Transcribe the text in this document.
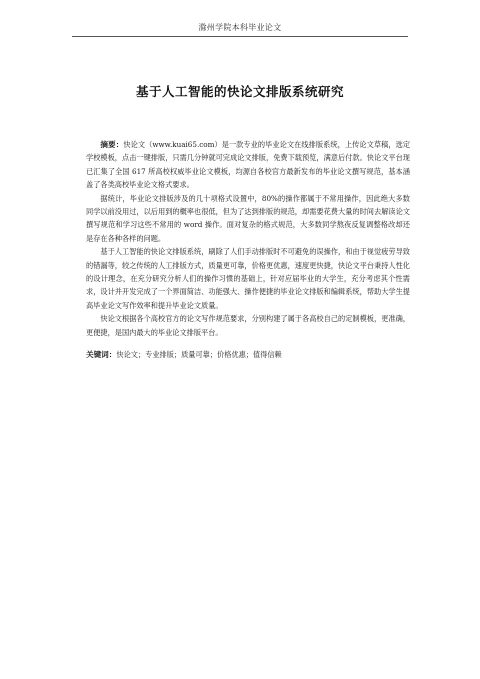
滁州学院本科毕业论文
基于人工智能的快论文排版系统研究

摘要：快论文（www.kuai65.com）是一款专业的毕业论文在线排版系统，上传论文草稿，选定学校模板，点击一键排版，只需几分钟就可完成论文排版，免费下载预览，满意后付款。快论文平台现已汇集了全国 617 所高校权威毕业论文模板，均源自各校官方最新发布的毕业论文撰写规范，基本涵盖了各类高校毕业论文格式要求。

据统计，毕业论文排版涉及的几十项格式设置中，80%的操作都属于不常用操作，因此绝大多数同学以前没用过，以后用到的概率也很低，但为了达到排版的规范，却需要花费大量的时间去解读论文撰写规范和学习这些不常用的 word 操作。面对复杂的格式规范，大多数同学熬夜反复调整格改却还是存在各种各样的问题。

基于人工智能的快论文排版系统，刷除了人们手动排版时不可避免的误操作，和由于视觉疲劳导致的错漏等，较之传统的人工排版方式，质量更可靠，价格更优惠，速度更快捷，快论文平台秉持人性化的设计理念，在充分研究分析人们的操作习惯的基础上，针对应届毕业的大学生，充分考虑其个性需求，设计并开发完成了一个界面简洁、功能强大、操作便捷的毕业论文排版和编辑系统，帮助大学生提高毕业论文写作效率和提升毕业论文质量。

快论文根据各个高校官方的论文写作规范要求，分别构建了属于各高校自己的定制模板，更准确，更便捷，是国内最大的毕业论文排版平台。

关键词：快论文；专业排版；质量可靠；价格优惠；值得信赖
